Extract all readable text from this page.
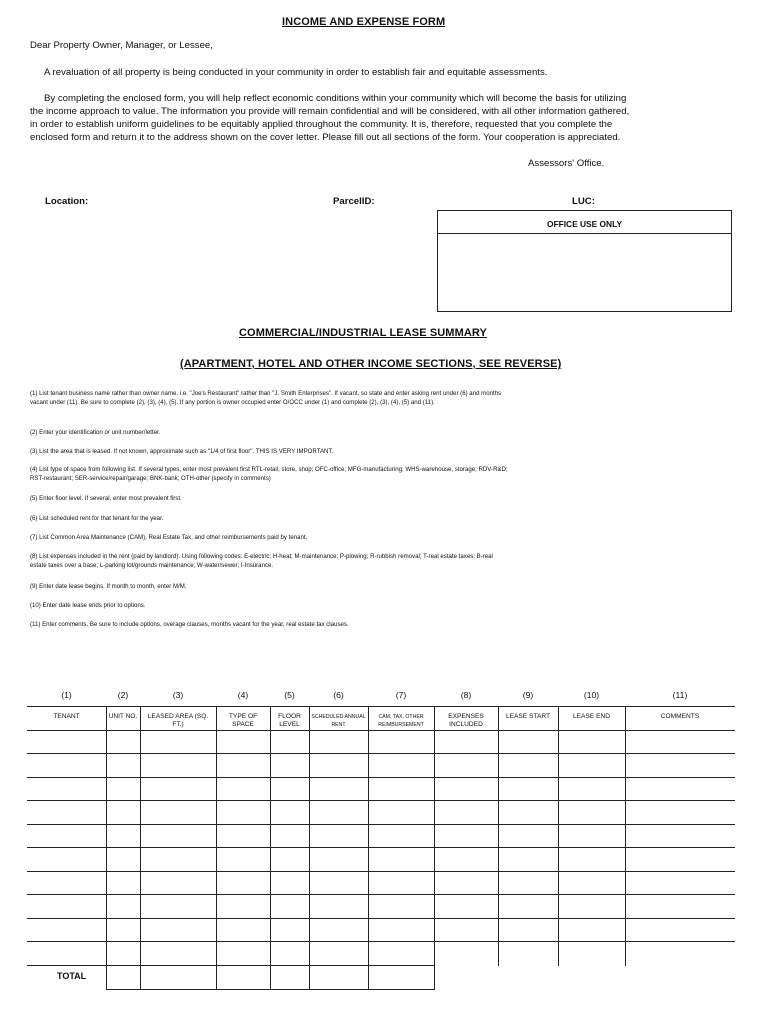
INCOME AND EXPENSE FORM
Dear Property Owner, Manager, or Lessee,
A revaluation of all property is being conducted in your community in order to establish fair and equitable assessments.
By completing the enclosed form, you will help reflect economic conditions within your community which will become the basis for utilizing the income approach to value. The information you provide will remain confidential and will be considered, with all other information gathered, in order to establish uniform guidelines to be equitably applied throughout the community. It is, therefore, requested that you complete the enclosed form and return it to the address shown on the cover letter. Please fill out all sections of the form. Your cooperation is appreciated.
Assessors' Office.
Location:	ParcelID:	LUC:
OFFICE USE ONLY
COMMERCIAL/INDUSTRIAL LEASE SUMMARY
(APARTMENT, HOTEL AND OTHER INCOME SECTIONS, SEE REVERSE)
(1) List tenant business name rather than owner name. i.e. "Joe's Restaurant" rather than "J. Smith Enterprises". If vacant, so state and enter asking rent under (6) and months vacant under (11). Be sure to complete (2), (3), (4), (5). If any portion is owner occupied enter O/OCC under (1) and complete (2), (3), (4), (5) and (11).
(2) Enter your identification or unit number/letter.
(3) List the area that is leased. If not known, approximate such as "1/4 of first floor". THIS IS VERY IMPORTANT.
(4) List type of space from following list. If several types, enter most prevalent first RTL-retail, store, shop; OFC-office; MFG-manufacturing; WHS-warehouse, storage; RDV-R&D; RST-restaurant; SER-service/repair/garage; BNK-bank; OTH-other (specify in comments)
(5) Enter floor level. If several, enter most prevalent first.
(6) List scheduled rent for that tenant for the year.
(7) List Common Area Maintenance (CAM), Real Estate Tax, and other reimbursements paid by tenant.
(8) List expenses included in the rent (paid by landlord). Using following codes: E-electric; H-heat; M-maintenance; P-plowing; R-rubbish removal; T-real estate taxes; B-real estate taxes over a base; L-parking lot/grounds maintenance; W-water/sewer; I-Insurance.
(9) Enter date lease begins. If month to month, enter M/M.
(10) Enter date lease ends prior to options.
(11) Enter comments. Be sure to include options, overage clauses, months vacant for the year, real estate tax clauses.
(1)
TENANT
(2)
UNIT NO.
(3)
LEASED AREA (SQ. FT.)
(4)
TYPE OF SPACE
(5)
FLOOR LEVEL
(6)
SCHEDULED ANNUAL RENT
(7)
CAM, TAX, OTHER REIMBURSEMENT
(8)
EXPENSES INCLUDED
(9)
LEASE START
(10)
LEASE END
(11)
COMMENTS
TOTAL
